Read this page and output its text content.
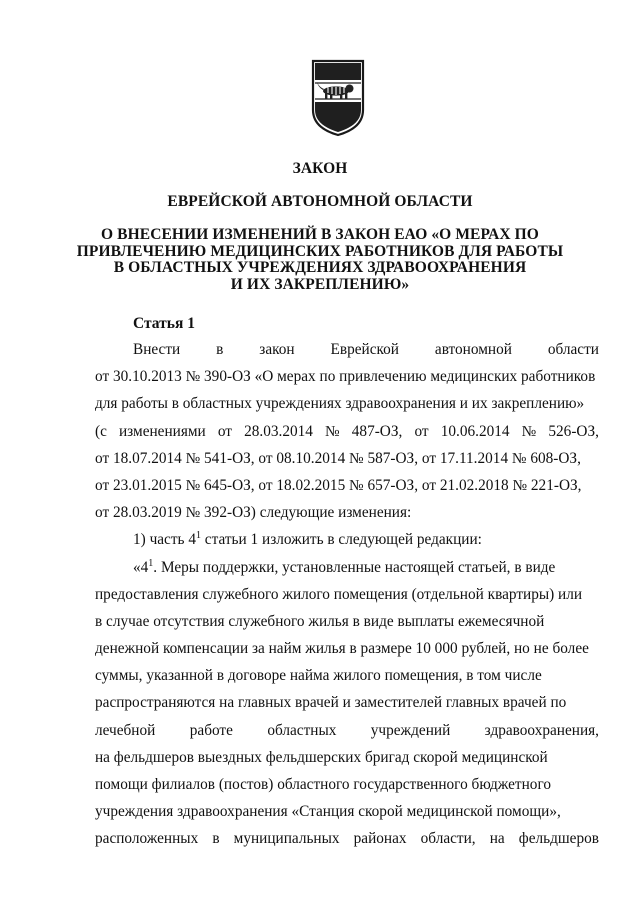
ЗАКОН
ЕВРЕЙСКОЙ АВТОНОМНОЙ ОБЛАСТИ
О ВНЕСЕНИИ ИЗМЕНЕНИЙ В ЗАКОН ЕАО «О МЕРАХ ПО
ПРИВЛЕЧЕНИЮ МЕДИЦИНСКИХ РАБОТНИКОВ ДЛЯ РАБОТЫ
В ОБЛАСТНЫХ УЧРЕЖДЕНИЯХ ЗДРАВООХРАНЕНИЯ
И ИХ ЗАКРЕПЛЕНИЮ»
Статья 1
Внести в закон Еврейской автономной области
от 30.10.2013 № 390-ОЗ «О мерах по привлечению медицинских работников
для работы в областных учреждениях здравоохранения и их закреплению»
(с изменениями от 28.03.2014 № 487-ОЗ, от 10.06.2014 № 526-ОЗ,
от 18.07.2014 № 541-ОЗ, от 08.10.2014 № 587-ОЗ, от 17.11.2014 № 608-ОЗ,
от 23.01.2015 № 645-ОЗ, от 18.02.2015 № 657-ОЗ, от 21.02.2018 № 221-ОЗ,
от 28.03.2019 № 392-ОЗ) следующие изменения:
1) часть $4^1$ статьи 1 изложить в следующей редакции:
«$4^1$. Меры поддержки, установленные настоящей статьей, в виде
предоставления служебного жилого помещения (отдельной квартиры) или
в случае отсутствия служебного жилья в виде выплаты ежемесячной
денежной компенсации за найм жилья в размере 10 000 рублей, но не более
суммы, указанной в договоре найма жилого помещения, в том числе
распространяются на главных врачей и заместителей главных врачей по
лечебной работе областных учреждений здравоохранения,
на фельдшеров выездных фельдшерских бригад скорой медицинской
помощи филиалов (постов) областного государственного бюджетного
учреждения здравоохранения «Станция скорой медицинской помощи»,
расположенных в муниципальных районах области, на фельдшеров
